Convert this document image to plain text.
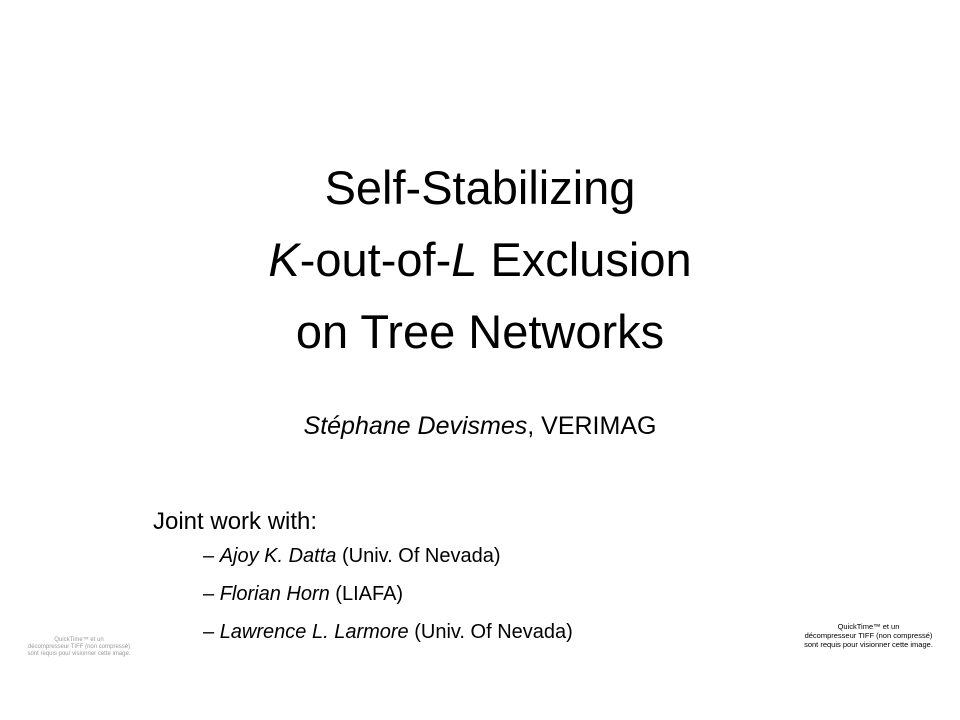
Self-Stabilizing
K-out-of-L Exclusion
on Tree Networks
Stéphane Devismes, VERIMAG
Joint work with:
– Ajoy K. Datta (Univ. Of Nevada)
– Florian Horn (LIAFA)
– Lawrence L. Larmore (Univ. Of Nevada)
QuickTime™ et un
décompresseur TIFF (non compressé)
sont requis pour visionner cette image.
QuickTime™ et un
décompresseur TIFF (non compressé)
sont requis pour visionner cette image.
